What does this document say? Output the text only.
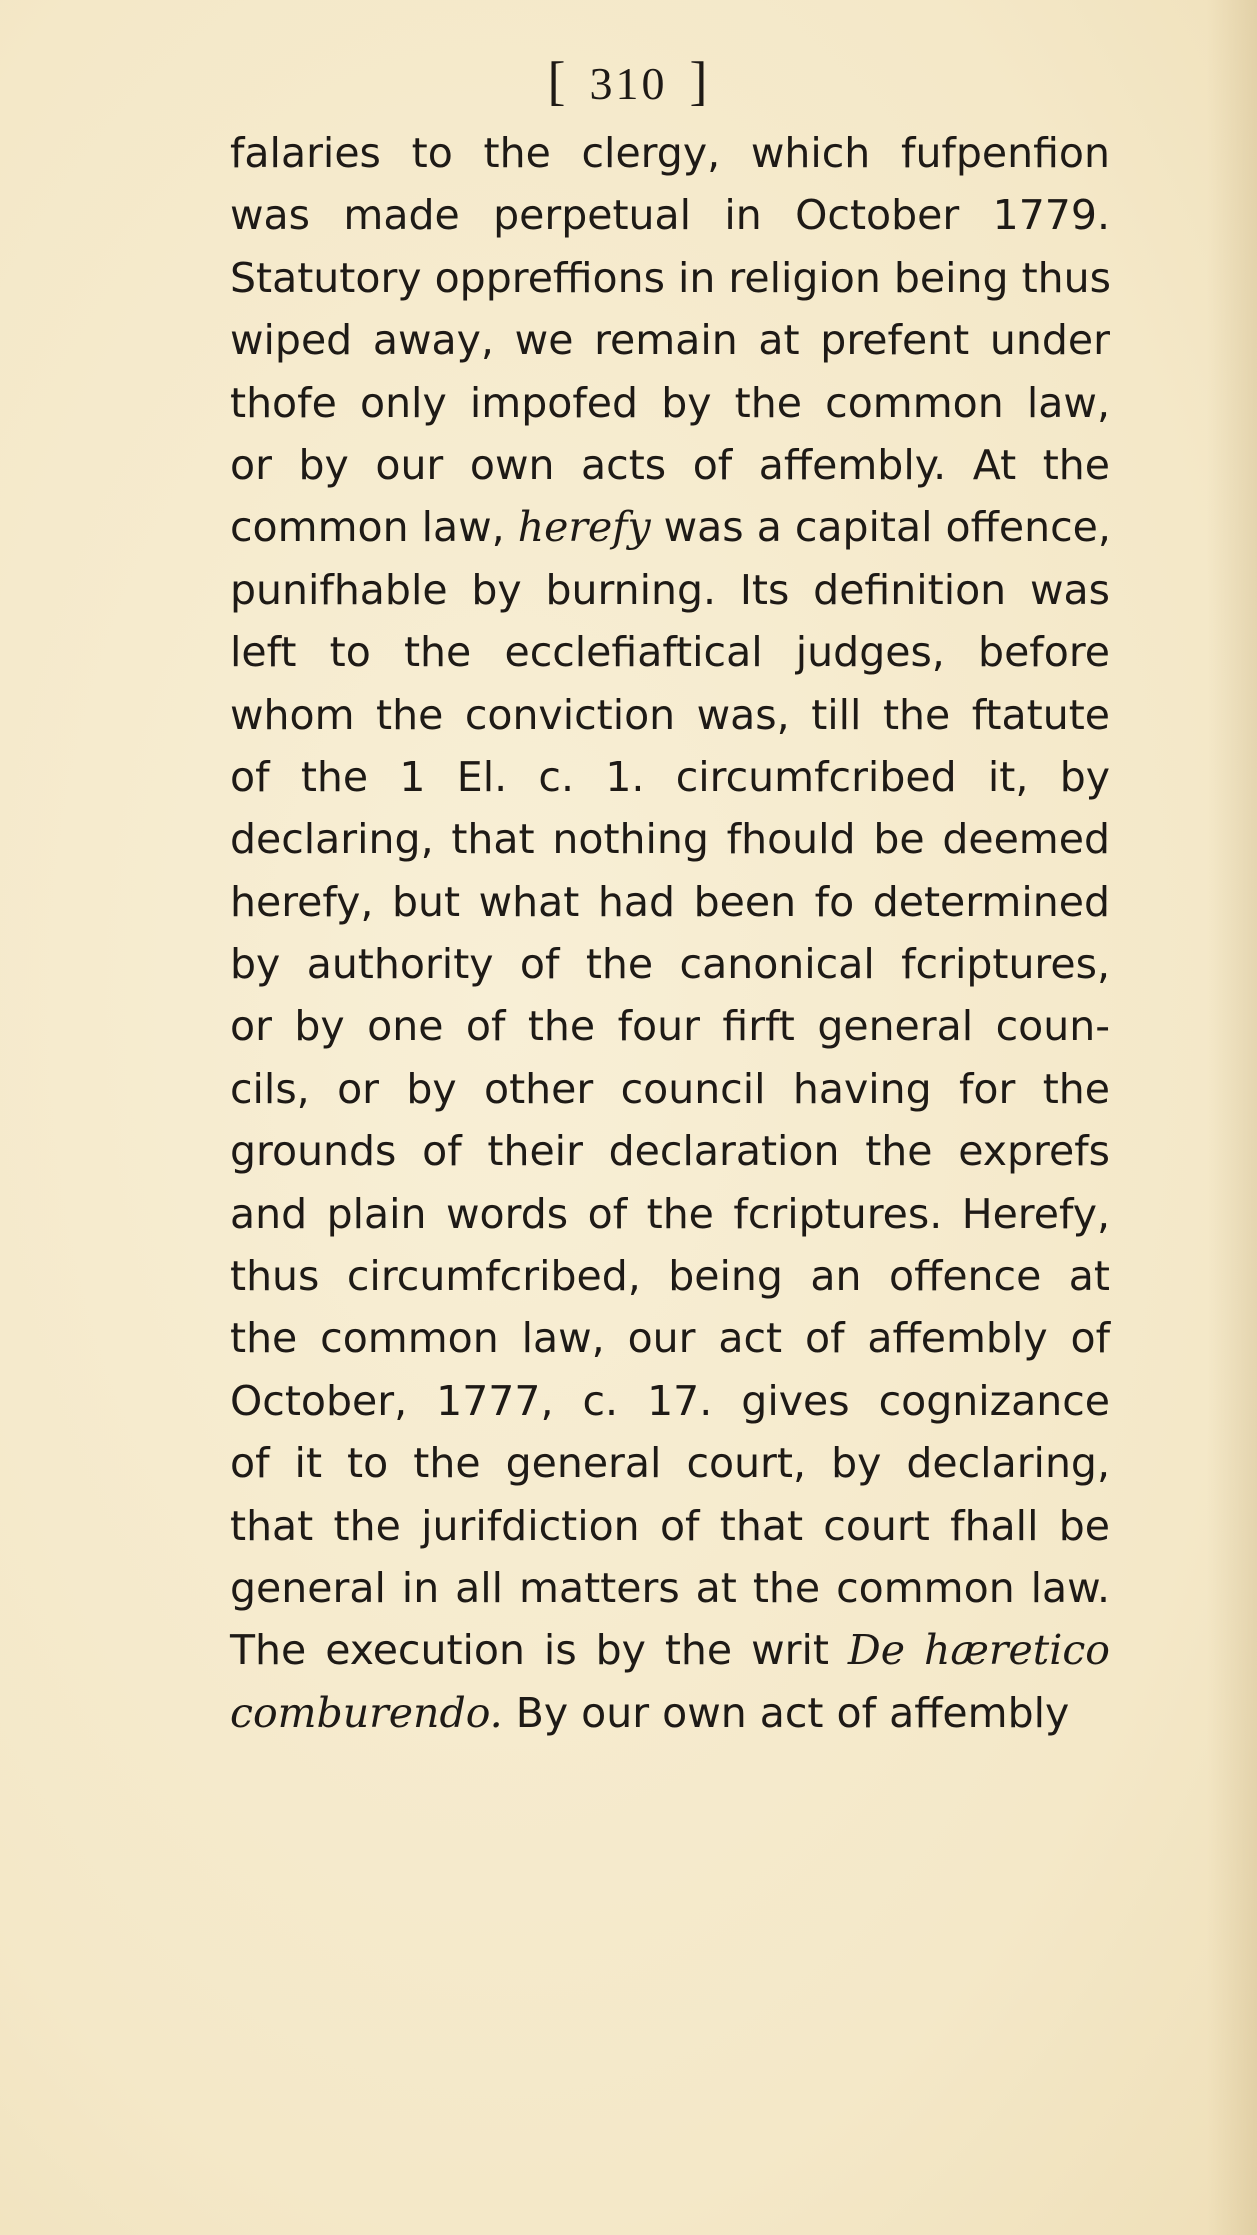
[ 310 ]
falaries to the clergy, which fufpenfion
was made perpetual in October 1779.
Statutory oppreffions in religion being thus
wiped away, we remain at prefent under
thofe only impofed by the common law,
or by our own acts of affembly. At the
common law, herefy was a capital offence,
punifhable by burning. Its definition was
left to the ecclefiaftical judges, before
whom the conviction was, till the ftatute
of the 1 El. c. 1. circumfcribed it, by
declaring, that nothing fhould be deemed
herefy, but what had been fo determined
by authority of the canonical fcriptures,
or by one of the four firft general coun-
cils, or by other council having for the
grounds of their declaration the exprefs
and plain words of the fcriptures. Herefy,
thus circumfcribed, being an offence at
the common law, our act of affembly of
October, 1777, c. 17. gives cognizance
of it to the general court, by declaring,
that the jurifdiction of that court fhall be
general in all matters at the common law.
The execution is by the writ De hæretico
comburendo. By our own act of affembly
